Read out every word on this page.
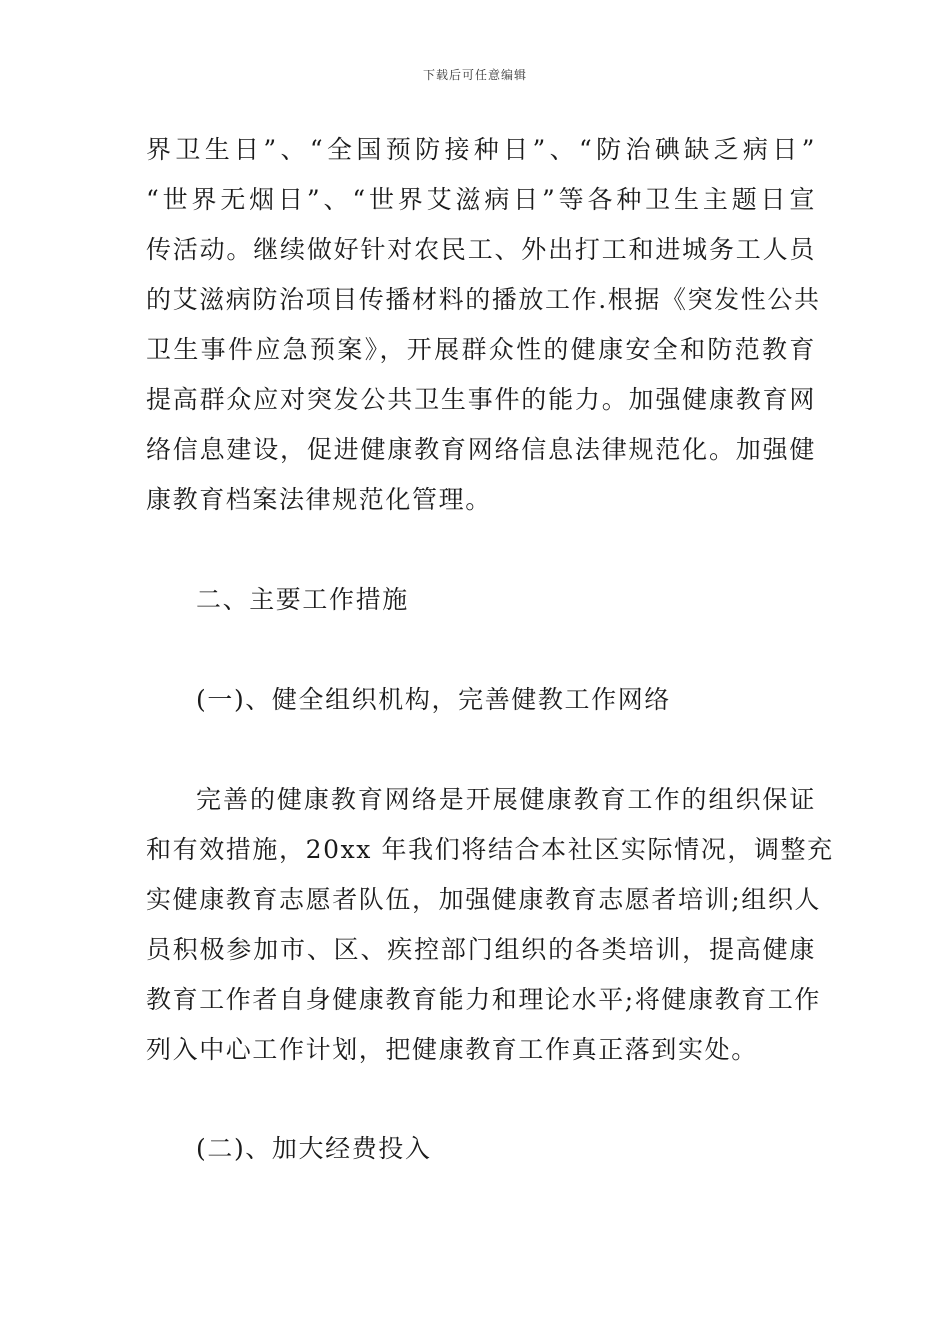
下载后可任意编辑
界卫生日”、“全国预防接种日”、“防治碘缺乏病日”
“世界无烟日”、“世界艾滋病日”等各种卫生主题日宣
传活动。继续做好针对农民工、外出打工和进城务工人员
的艾滋病防治项目传播材料的播放工作.根据《突发性公共
卫生事件应急预案》，开展群众性的健康安全和防范教育
提高群众应对突发公共卫生事件的能力。加强健康教育网
络信息建设，促进健康教育网络信息法律规范化。加强健
康教育档案法律规范化管理。
二、主要工作措施
(一)、健全组织机构，完善健教工作网络
完善的健康教育网络是开展健康教育工作的组织保证
和有效措施，20xx 年我们将结合本社区实际情况，调整充
实健康教育志愿者队伍，加强健康教育志愿者培训;组织人
员积极参加市、区、疾控部门组织的各类培训，提高健康
教育工作者自身健康教育能力和理论水平;将健康教育工作
列入中心工作计划，把健康教育工作真正落到实处。
(二)、加大经费投入
